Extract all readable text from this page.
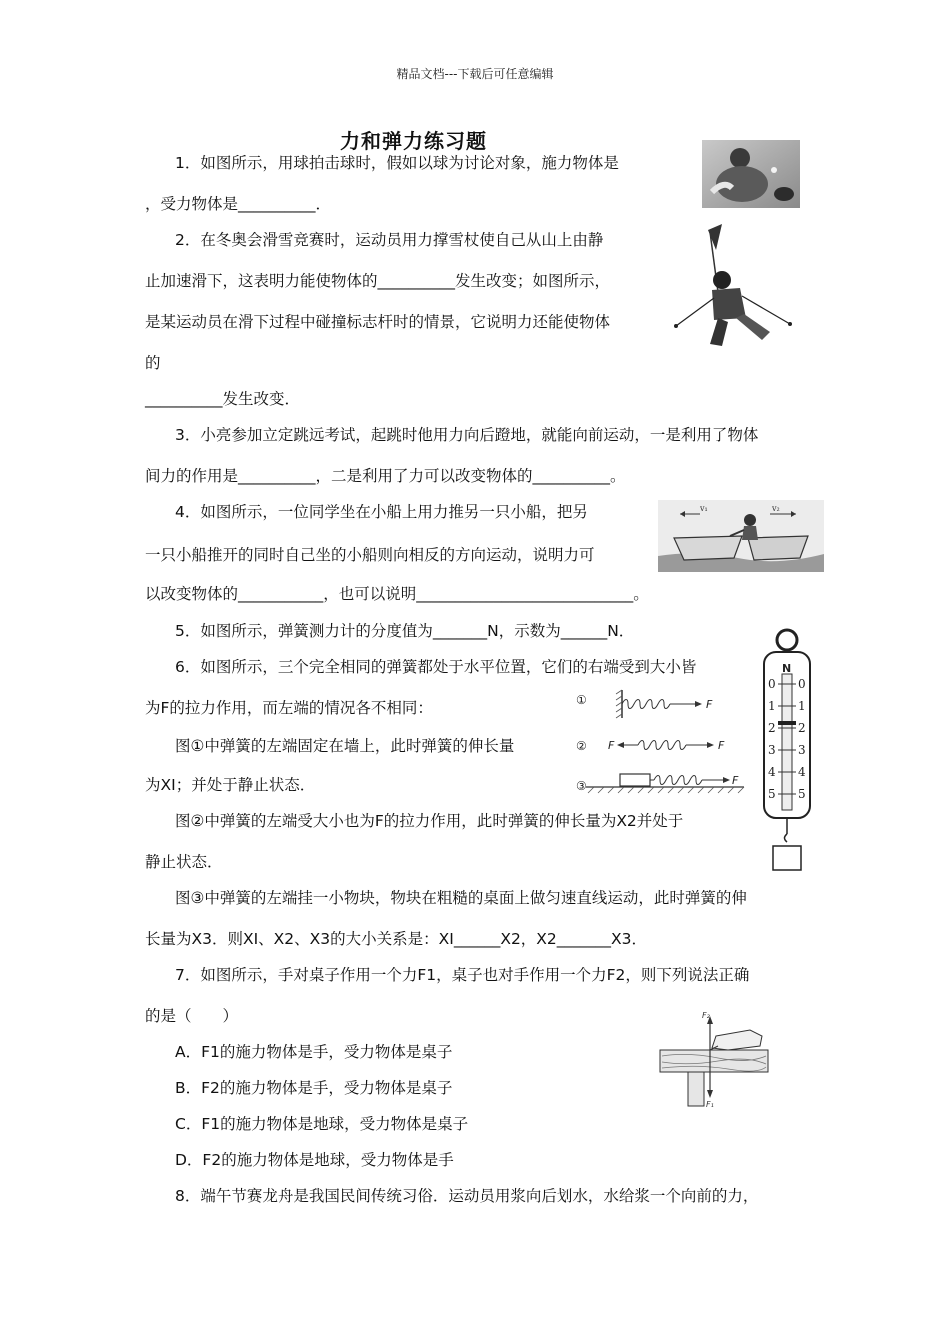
精品文档---下载后可任意编辑
力和弹力练习题
1．如图所示，用球拍击球时，假如以球为讨论对象，施力物体是
，受力物体是__________．
2．在冬奥会滑雪竞赛时，运动员用力撑雪杖使自己从山上由静
止加速滑下，这表明力能使物体的__________发生改变；如图所示，
是某运动员在滑下过程中碰撞标志杆时的情景，它说明力还能使物体
的
__________发生改变．
3．小亮参加立定跳远考试，起跳时他用力向后蹬地，就能向前运动，一是利用了物体
间力的作用是__________，二是利用了力可以改变物体的__________。
4．如图所示，一位同学坐在小船上用力推另一只小船，把另
一只小船推开的同时自己坐的小船则向相反的方向运动，说明力可
以改变物体的___________，也可以说明____________________________。
5．如图所示，弹簧测力计的分度值为_______N，示数为______N．
6．如图所示，三个完全相同的弹簧都处于水平位置，它们的右端受到大小皆
为F的拉力作用，而左端的情况各不相同：
图①中弹簧的左端固定在墙上，此时弹簧的伸长量
为XI；并处于静止状态．
图②中弹簧的左端受大小也为F的拉力作用，此时弹簧的伸长量为X2并处于
静止状态．
图③中弹簧的左端挂一小物块，物块在粗糙的桌面上做匀速直线运动，此时弹簧的伸
长量为X3．则XI、X2、X3的大小关系是：XI______X2，X2_______X3．
7．如图所示，手对桌子作用一个力F1，桌子也对手作用一个力F2，则下列说法正确
的是（　　）
A．F1的施力物体是手，受力物体是桌子
B．F2的施力物体是手，受力物体是桌子
C．F1的施力物体是地球，受力物体是桌子
D．F2的施力物体是地球，受力物体是手
8．端午节赛龙舟是我国民间传统习俗．运动员用浆向后划水，水给浆一个向前的力，
v₁	v₂
①	F
② F	F
③	F
N
0 0
1 1
2 2
3 3
4 4
5 5
F₂
F₁
